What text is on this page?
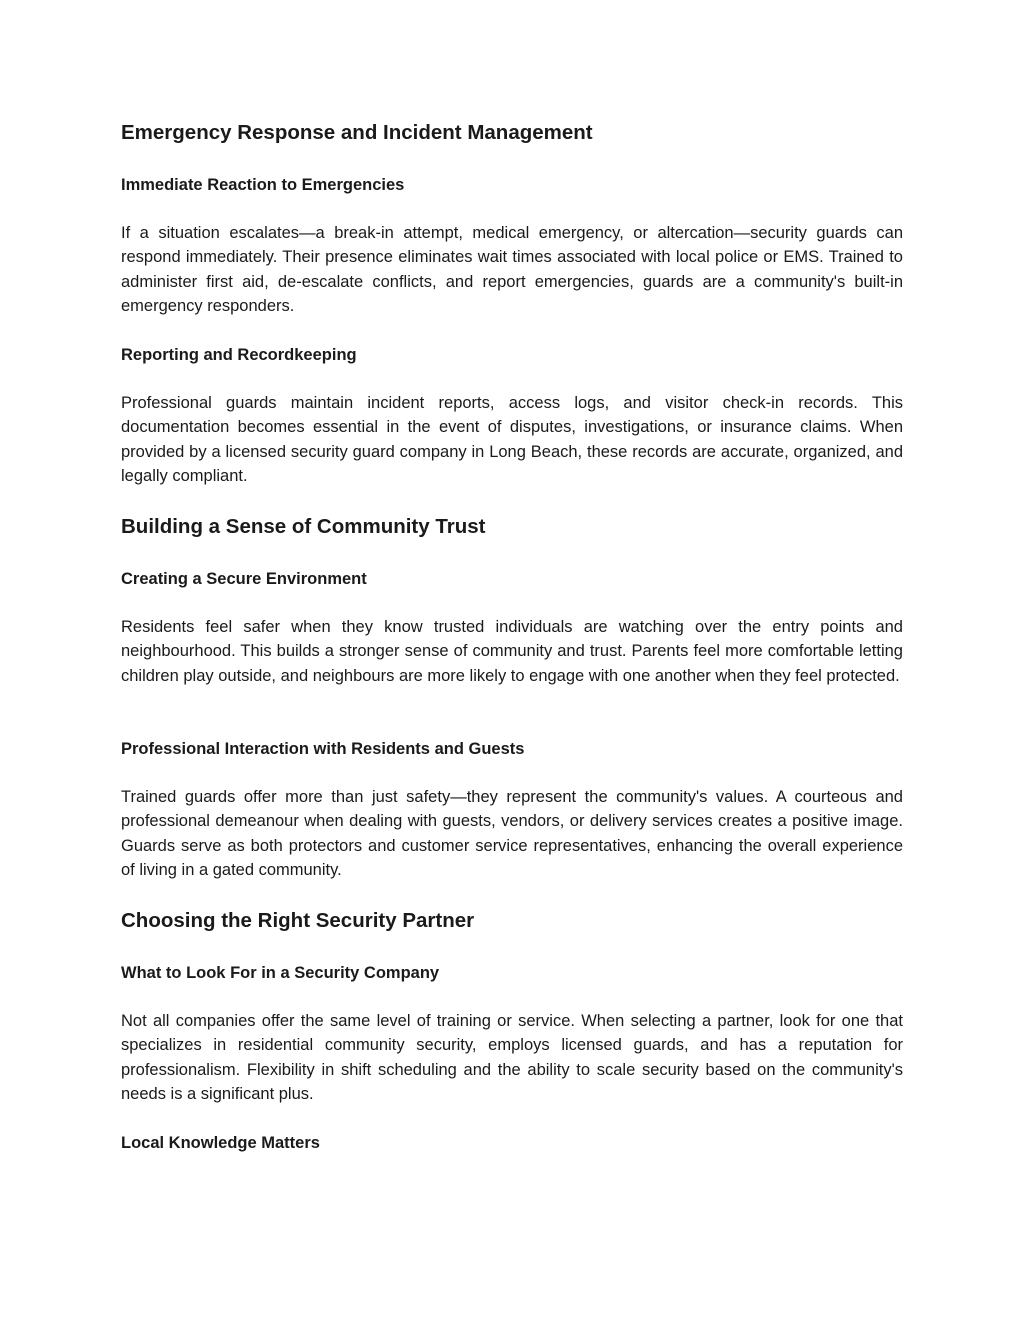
Emergency Response and Incident Management
Immediate Reaction to Emergencies

If a situation escalates—a break-in attempt, medical emergency, or altercation—security guards can respond immediately. Their presence eliminates wait times associated with local police or EMS. Trained to administer first aid, de-escalate conflicts, and report emergencies, guards are a community's built-in emergency responders.

Reporting and Recordkeeping

Professional guards maintain incident reports, access logs, and visitor check-in records. This documentation becomes essential in the event of disputes, investigations, or insurance claims. When provided by a licensed security guard company in Long Beach, these records are accurate, organized, and legally compliant.

Building a Sense of Community Trust
Creating a Secure Environment

Residents feel safer when they know trusted individuals are watching over the entry points and neighbourhood. This builds a stronger sense of community and trust. Parents feel more comfortable letting children play outside, and neighbours are more likely to engage with one another when they feel protected.

Professional Interaction with Residents and Guests

Trained guards offer more than just safety—they represent the community's values. A courteous and professional demeanour when dealing with guests, vendors, or delivery services creates a positive image. Guards serve as both protectors and customer service representatives, enhancing the overall experience of living in a gated community.

Choosing the Right Security Partner
What to Look For in a Security Company

Not all companies offer the same level of training or service. When selecting a partner, look for one that specializes in residential community security, employs licensed guards, and has a reputation for professionalism. Flexibility in shift scheduling and the ability to scale security based on the community's needs is a significant plus.

Local Knowledge Matters
